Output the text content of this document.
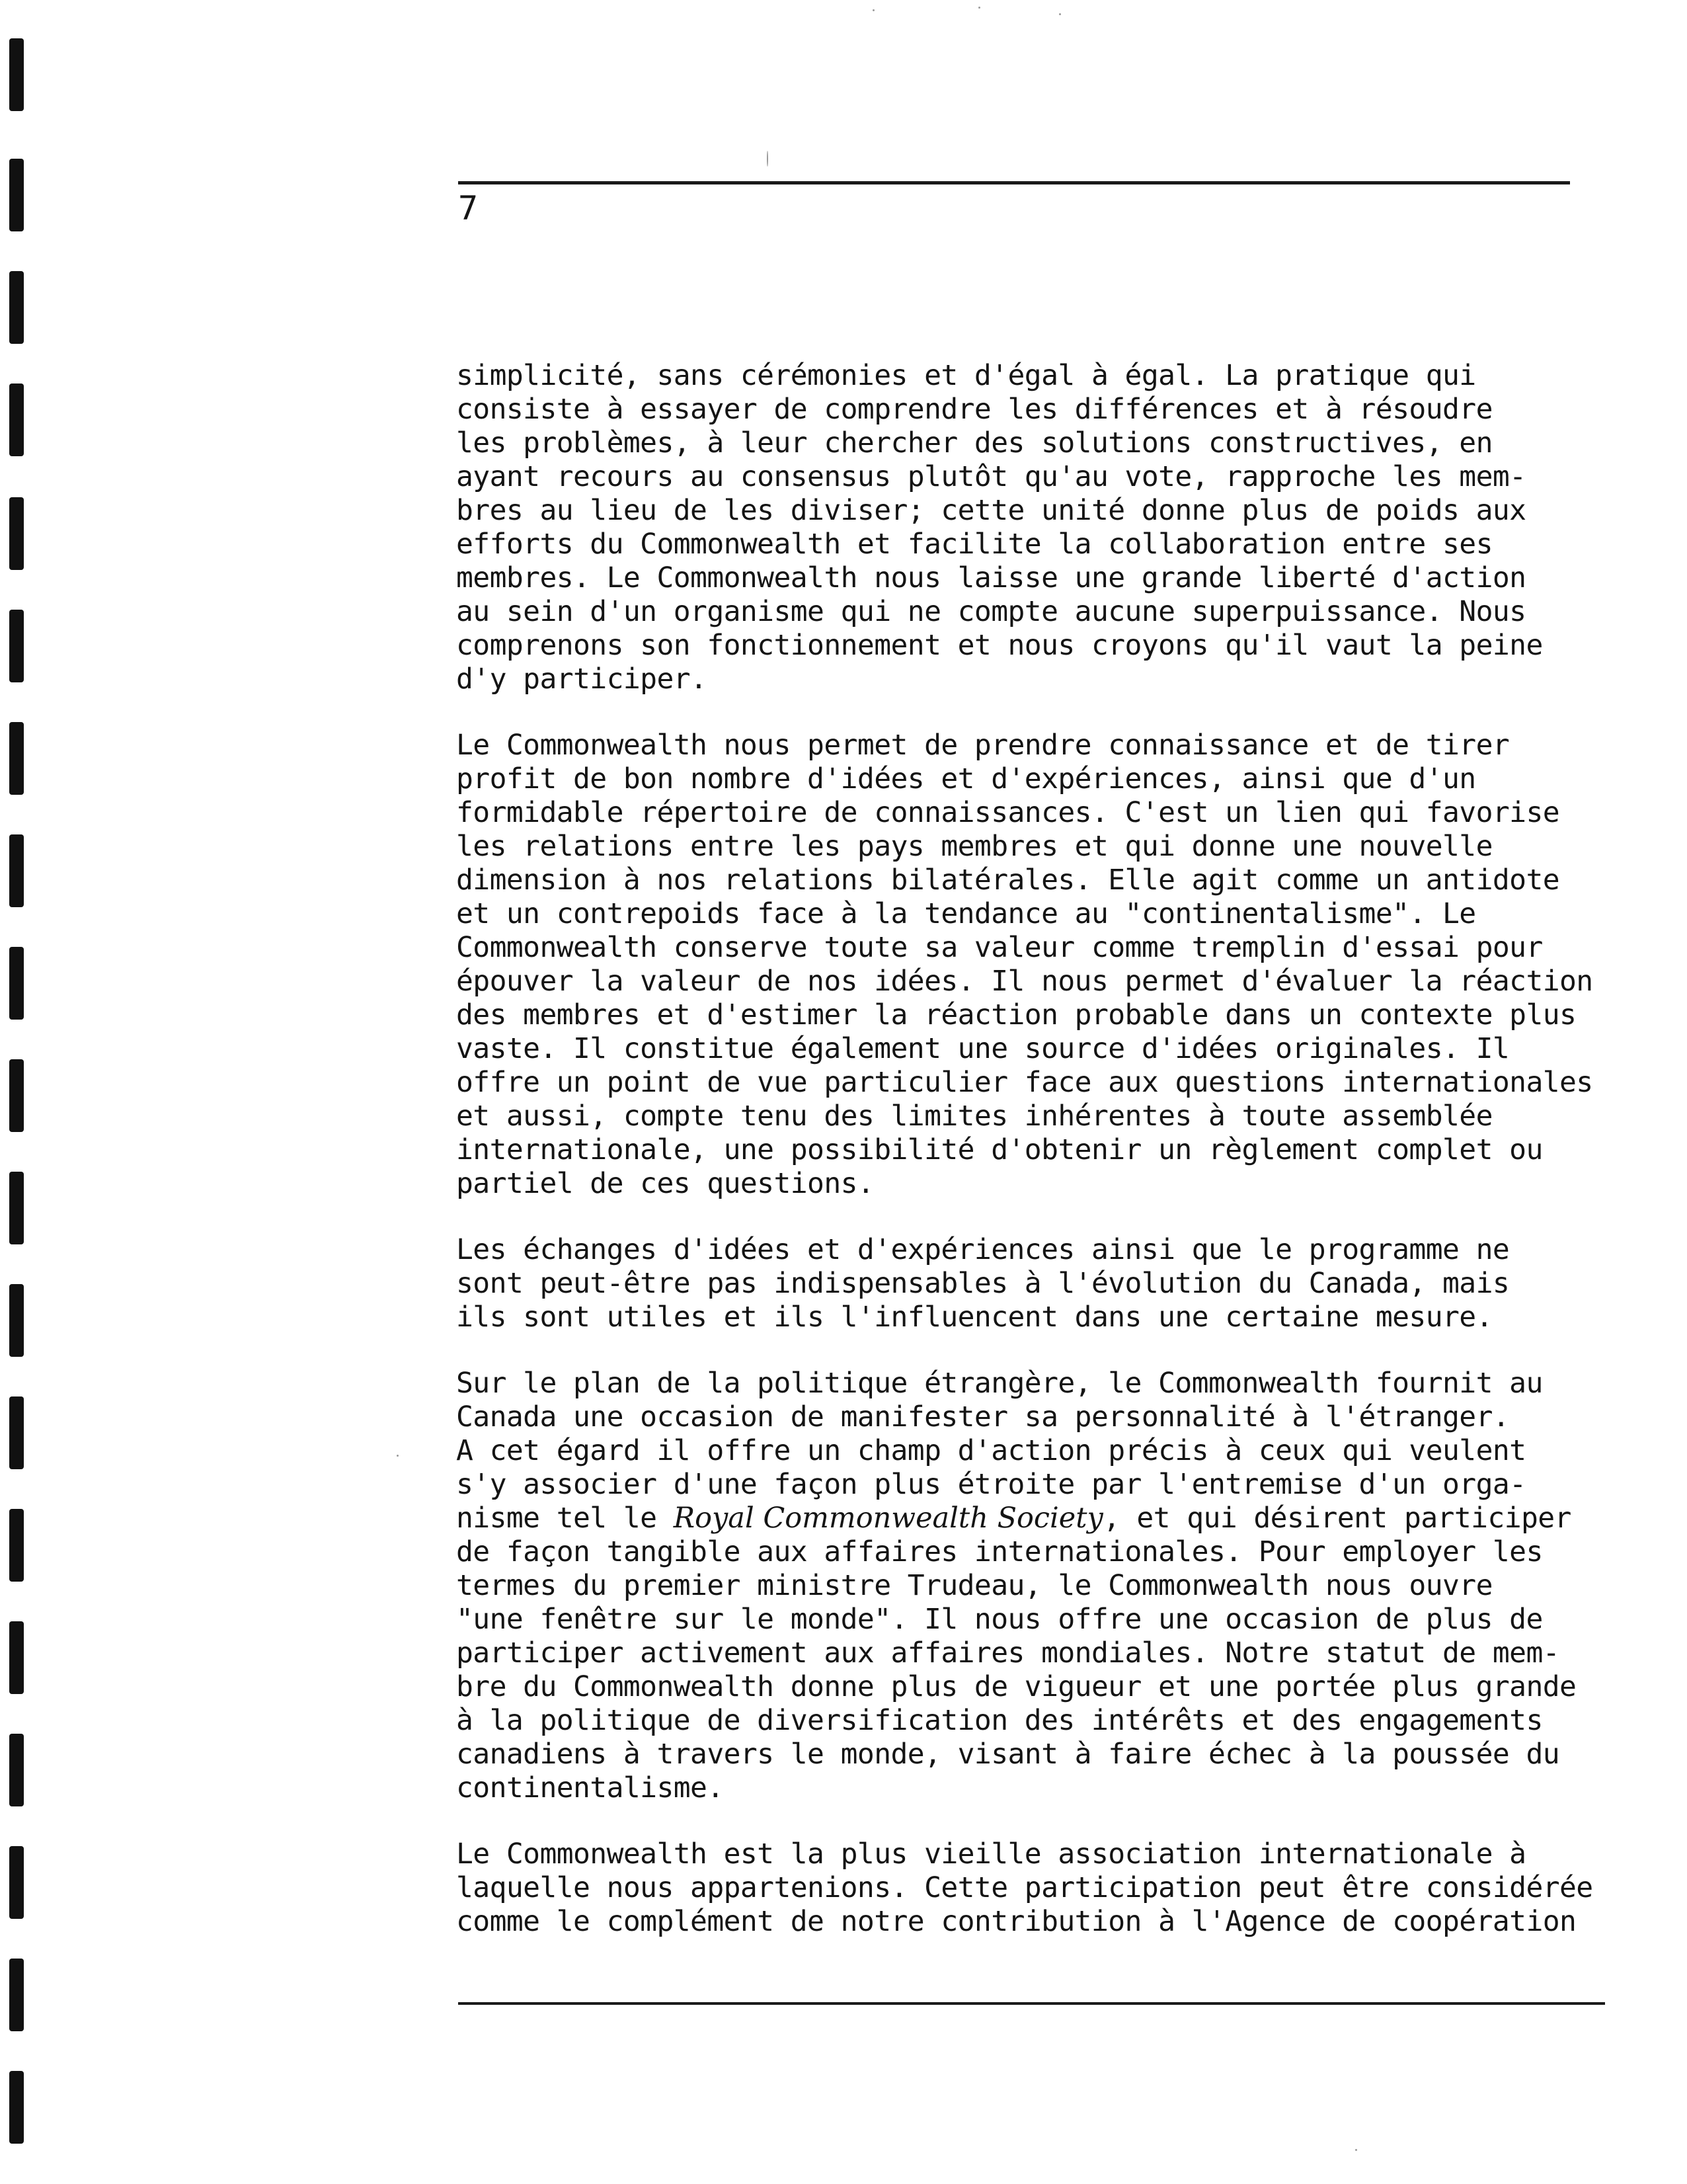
7
simplicité, sans cérémonies et d'égal à égal. La pratique qui
consiste à essayer de comprendre les différences et à résoudre
les problèmes, à leur chercher des solutions constructives, en
ayant recours au consensus plutôt qu'au vote, rapproche les mem-
bres au lieu de les diviser; cette unité donne plus de poids aux
efforts du Commonwealth et facilite la collaboration entre ses
membres. Le Commonwealth nous laisse une grande liberté d'action
au sein d'un organisme qui ne compte aucune superpuissance. Nous
comprenons son fonctionnement et nous croyons qu'il vaut la peine
d'y participer.
Le Commonwealth nous permet de prendre connaissance et de tirer
profit de bon nombre d'idées et d'expériences, ainsi que d'un
formidable répertoire de connaissances. C'est un lien qui favorise
les relations entre les pays membres et qui donne une nouvelle
dimension à nos relations bilatérales. Elle agit comme un antidote
et un contrepoids face à la tendance au "continentalisme". Le
Commonwealth conserve toute sa valeur comme tremplin d'essai pour
épouver la valeur de nos idées. Il nous permet d'évaluer la réaction
des membres et d'estimer la réaction probable dans un contexte plus
vaste. Il constitue également une source d'idées originales. Il
offre un point de vue particulier face aux questions internationales
et aussi, compte tenu des limites inhérentes à toute assemblée
internationale, une possibilité d'obtenir un règlement complet ou
partiel de ces questions.
Les échanges d'idées et d'expériences ainsi que le programme ne
sont peut-être pas indispensables à l'évolution du Canada, mais
ils sont utiles et ils l'influencent dans une certaine mesure.
Sur le plan de la politique étrangère, le Commonwealth fournit au
Canada une occasion de manifester sa personnalité à l'étranger.
A cet égard il offre un champ d'action précis à ceux qui veulent
s'y associer d'une façon plus étroite par l'entremise d'un orga-
nisme tel le Royal Commonwealth Society, et qui désirent participer
de façon tangible aux affaires internationales. Pour employer les
termes du premier ministre Trudeau, le Commonwealth nous ouvre
"une fenêtre sur le monde". Il nous offre une occasion de plus de
participer activement aux affaires mondiales. Notre statut de mem-
bre du Commonwealth donne plus de vigueur et une portée plus grande
à la politique de diversification des intérêts et des engagements
canadiens à travers le monde, visant à faire échec à la poussée du
continentalisme.
Le Commonwealth est la plus vieille association internationale à
laquelle nous appartenions. Cette participation peut être considérée
comme le complément de notre contribution à l'Agence de coopération
